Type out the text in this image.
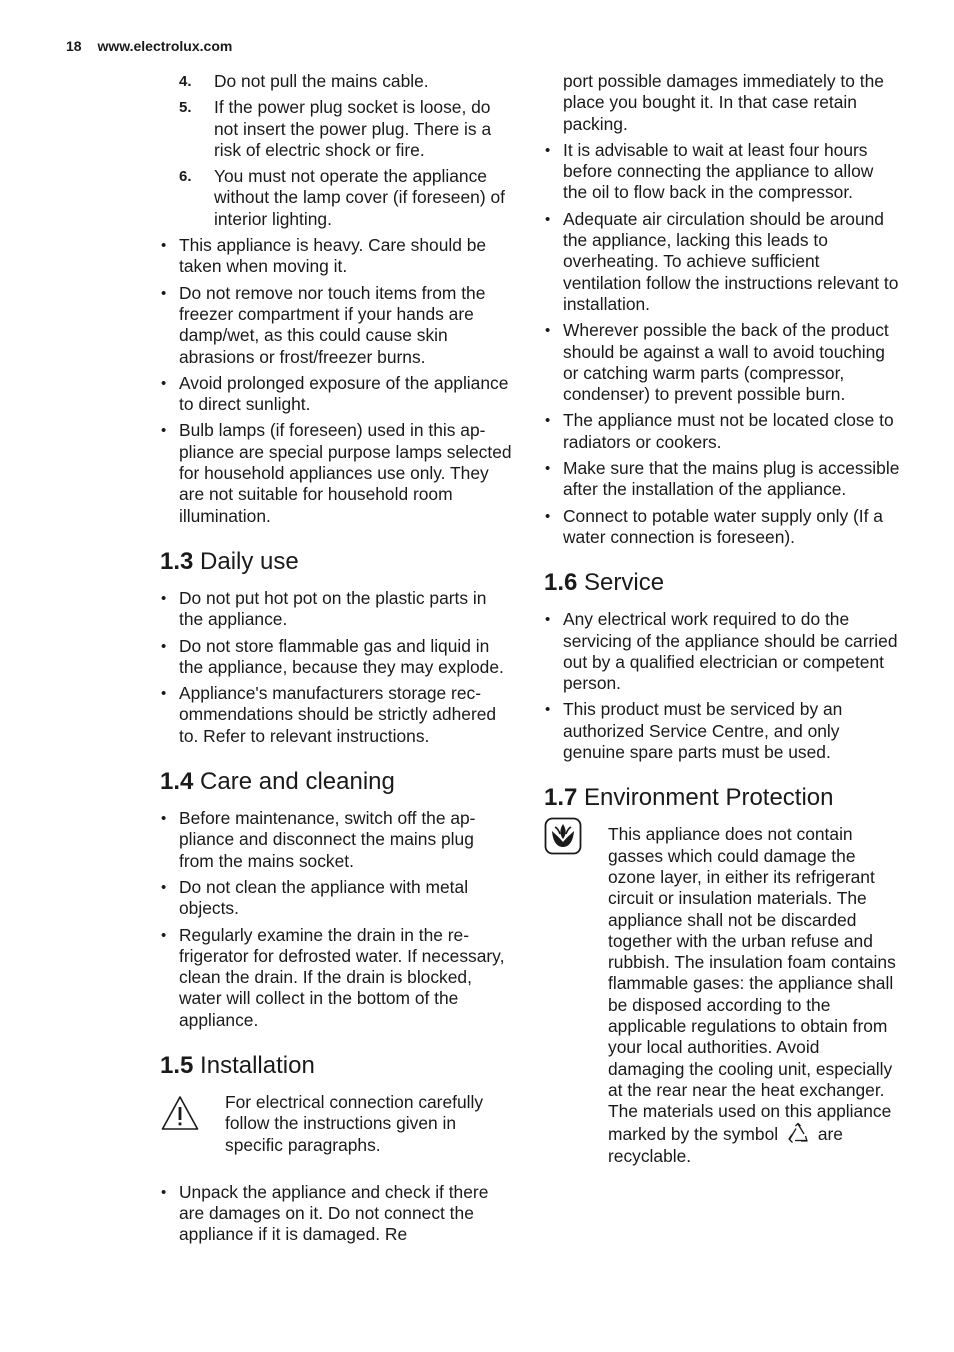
18 www.electrolux.com
4. Do not pull the mains cable.
5. If the power plug socket is loose, do not insert the power plug. There is a risk of electric shock or fire.
6. You must not operate the appliance without the lamp cover (if foreseen) of interior lighting.
• This appliance is heavy. Care should be taken when moving it.
• Do not remove nor touch items from the freezer compartment if your hands are damp/wet, as this could cause skin abrasions or frost/freezer burns.
• Avoid prolonged exposure of the appliance to direct sunlight.
• Bulb lamps (if foreseen) used in this appliance are special purpose lamps selected for household appliances use only. They are not suitable for household room illumination.
1.3 Daily use
• Do not put hot pot on the plastic parts in the appliance.
• Do not store flammable gas and liquid in the appliance, because they may explode.
• Appliance's manufacturers storage recommendations should be strictly adhered to. Refer to relevant instructions.
1.4 Care and cleaning
• Before maintenance, switch off the appliance and disconnect the mains plug from the mains socket.
• Do not clean the appliance with metal objects.
• Regularly examine the drain in the refrigerator for defrosted water. If necessary, clean the drain. If the drain is blocked, water will collect in the bottom of the appliance.
1.5 Installation
For electrical connection carefully follow the instructions given in specific paragraphs.
• Unpack the appliance and check if there are damages on it. Do not connect the appliance if it is damaged. Re
port possible damages immediately to the place you bought it. In that case retain packing.
• It is advisable to wait at least four hours before connecting the appliance to allow the oil to flow back in the compressor.
• Adequate air circulation should be around the appliance, lacking this leads to overheating. To achieve sufficient ventilation follow the instructions relevant to installation.
• Wherever possible the back of the product should be against a wall to avoid touching or catching warm parts (compressor, condenser) to prevent possible burn.
• The appliance must not be located close to radiators or cookers.
• Make sure that the mains plug is accessible after the installation of the appliance.
• Connect to potable water supply only (If a water connection is foreseen).
1.6 Service
• Any electrical work required to do the servicing of the appliance should be carried out by a qualified electrician or competent person.
• This product must be serviced by an authorized Service Centre, and only genuine spare parts must be used.
1.7 Environment Protection
This appliance does not contain gasses which could damage the ozone layer, in either its refrigerant circuit or insulation materials. The appliance shall not be discarded together with the urban refuse and rubbish. The insulation foam contains flammable gases: the appliance shall be disposed according to the applicable regulations to obtain from your local authorities. Avoid damaging the cooling unit, especially at the rear near the heat exchanger. The materials used on this appliance marked by the symbol are recyclable.
